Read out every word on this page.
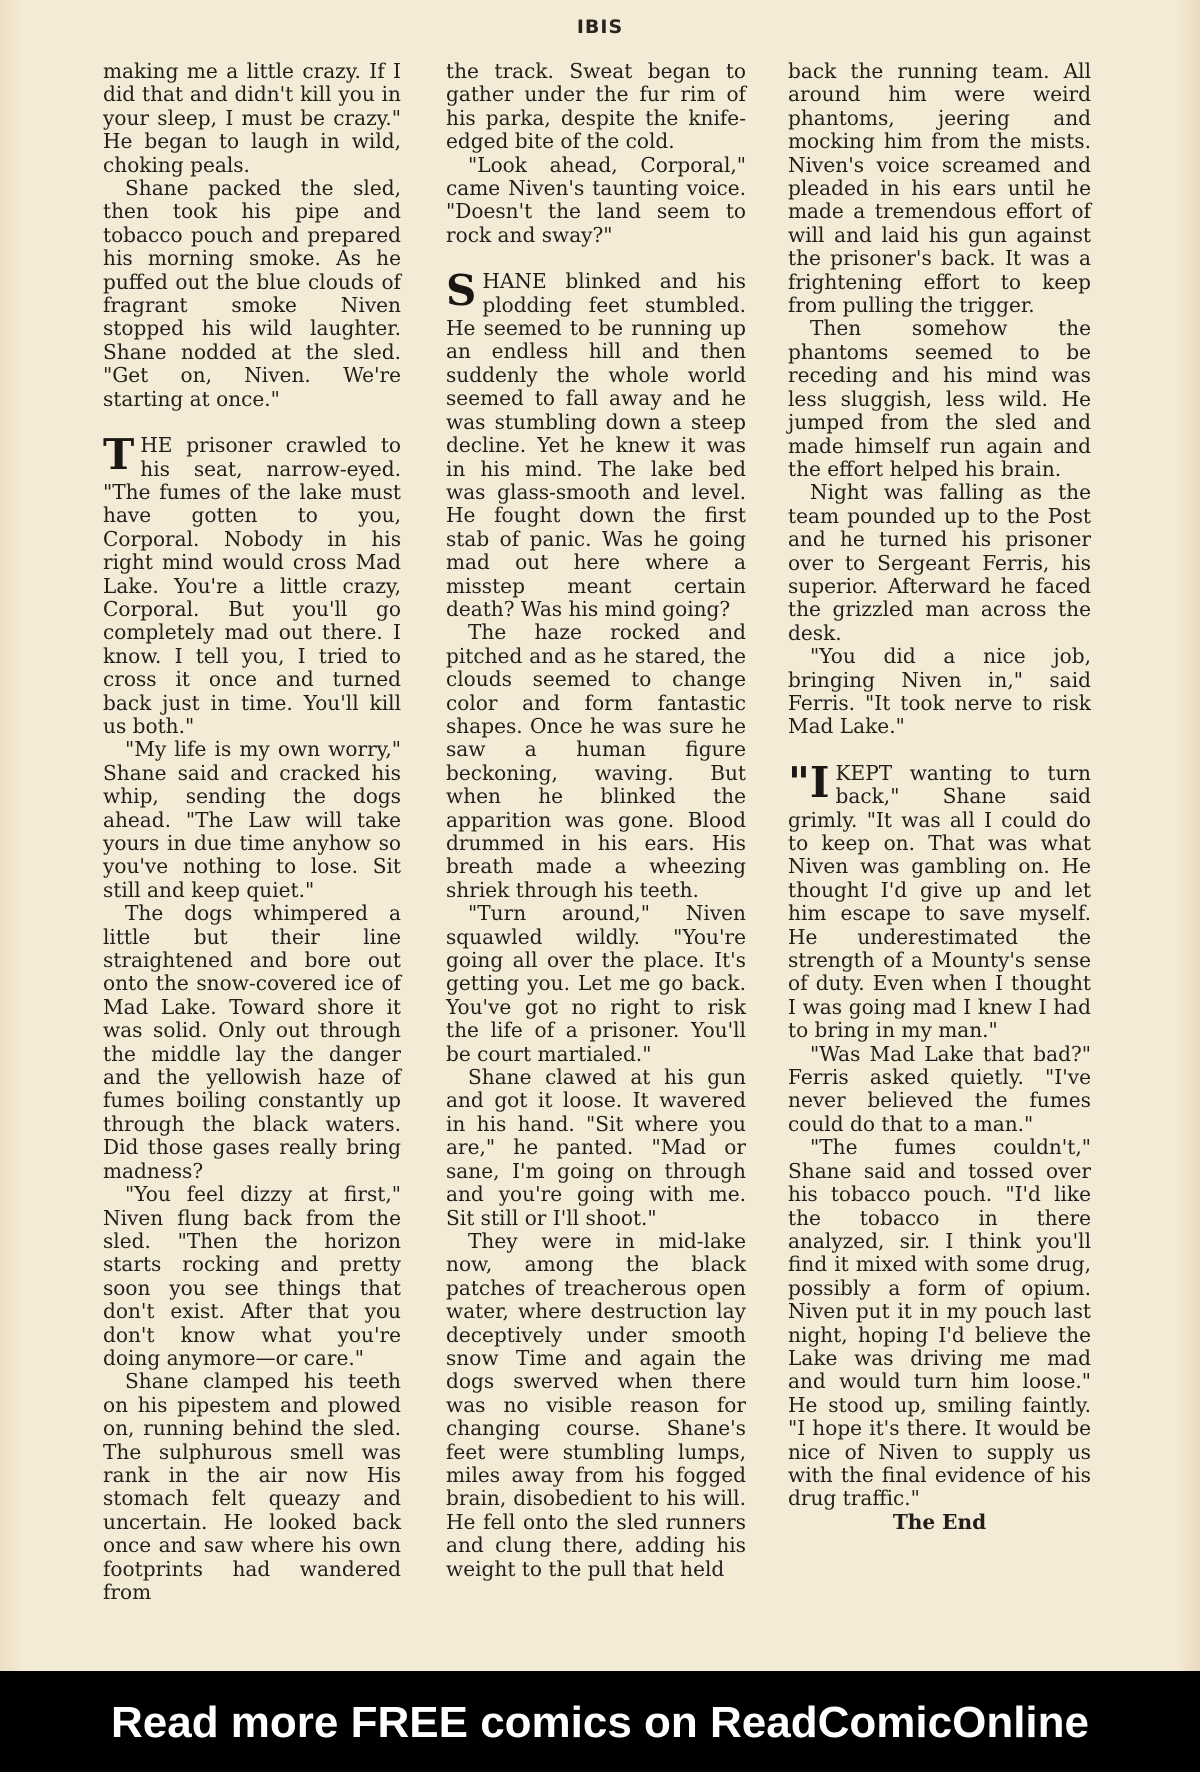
IBIS

making me a little crazy. If I did that and didn't kill you in your sleep, I must be crazy." He began to laugh in wild, choking peals.

Shane packed the sled, then took his pipe and tobacco pouch and prepared his morning smoke. As he puffed out the blue clouds of fragrant smoke Niven stopped his wild laughter. Shane nodded at the sled. "Get on, Niven. We're starting at once."

THE prisoner crawled to his seat, narrow-eyed. "The fumes of the lake must have gotten to you, Corporal. Nobody in his right mind would cross Mad Lake. You're a little crazy, Corporal. But you'll go completely mad out there. I know. I tell you, I tried to cross it once and turned back just in time. You'll kill us both."

"My life is my own worry," Shane said and cracked his whip, sending the dogs ahead. "The Law will take yours in due time anyhow so you've nothing to lose. Sit still and keep quiet."

The dogs whimpered a little but their line straightened and bore out onto the snow-covered ice of Mad Lake. Toward shore it was solid. Only out through the middle lay the danger and the yellowish haze of fumes boiling constantly up through the black waters. Did those gases really bring madness?

"You feel dizzy at first," Niven flung back from the sled. "Then the horizon starts rocking and pretty soon you see things that don't exist. After that you don't know what you're doing anymore—or care."

Shane clamped his teeth on his pipestem and plowed on, running behind the sled. The sulphurous smell was rank in the air now His stomach felt queazy and uncertain. He looked back once and saw where his own footprints had wandered from

the track. Sweat began to gather under the fur rim of his parka, despite the knife-edged bite of the cold.

"Look ahead, Corporal," came Niven's taunting voice. "Doesn't the land seem to rock and sway?"

SHANE blinked and his plodding feet stumbled. He seemed to be running up an endless hill and then suddenly the whole world seemed to fall away and he was stumbling down a steep decline. Yet he knew it was in his mind. The lake bed was glass-smooth and level. He fought down the first stab of panic. Was he going mad out here where a misstep meant certain death? Was his mind going?

The haze rocked and pitched and as he stared, the clouds seemed to change color and form fantastic shapes. Once he was sure he saw a human figure beckoning, waving. But when he blinked the apparition was gone. Blood drummed in his ears. His breath made a wheezing shriek through his teeth.

"Turn around," Niven squawled wildly. "You're going all over the place. It's getting you. Let me go back. You've got no right to risk the life of a prisoner. You'll be court martialed."

Shane clawed at his gun and got it loose. It wavered in his hand. "Sit where you are," he panted. "Mad or sane, I'm going on through and you're going with me. Sit still or I'll shoot."

They were in mid-lake now, among the black patches of treacherous open water, where destruction lay deceptively under smooth snow Time and again the dogs swerved when there was no visible reason for changing course. Shane's feet were stumbling lumps, miles away from his fogged brain, disobedient to his will. He fell onto the sled runners and clung there, adding his weight to the pull that held

back the running team. All around him were weird phantoms, jeering and mocking him from the mists. Niven's voice screamed and pleaded in his ears until he made a tremendous effort of will and laid his gun against the prisoner's back. It was a frightening effort to keep from pulling the trigger.

Then somehow the phantoms seemed to be receding and his mind was less sluggish, less wild. He jumped from the sled and made himself run again and the effort helped his brain.

Night was falling as the team pounded up to the Post and he turned his prisoner over to Sergeant Ferris, his superior. Afterward he faced the grizzled man across the desk.

"You did a nice job, bringing Niven in," said Ferris. "It took nerve to risk Mad Lake."

"I KEPT wanting to turn back," Shane said grimly. "It was all I could do to keep on. That was what Niven was gambling on. He thought I'd give up and let him escape to save myself. He underestimated the strength of a Mounty's sense of duty. Even when I thought I was going mad I knew I had to bring in my man."

"Was Mad Lake that bad?" Ferris asked quietly. "I've never believed the fumes could do that to a man."

"The fumes couldn't," Shane said and tossed over his tobacco pouch. "I'd like the tobacco in there analyzed, sir. I think you'll find it mixed with some drug, possibly a form of opium. Niven put it in my pouch last night, hoping I'd believe the Lake was driving me mad and would turn him loose." He stood up, smiling faintly. "I hope it's there. It would be nice of Niven to supply us with the final evidence of his drug traffic."

The End

Read more FREE comics on ReadComicOnline
